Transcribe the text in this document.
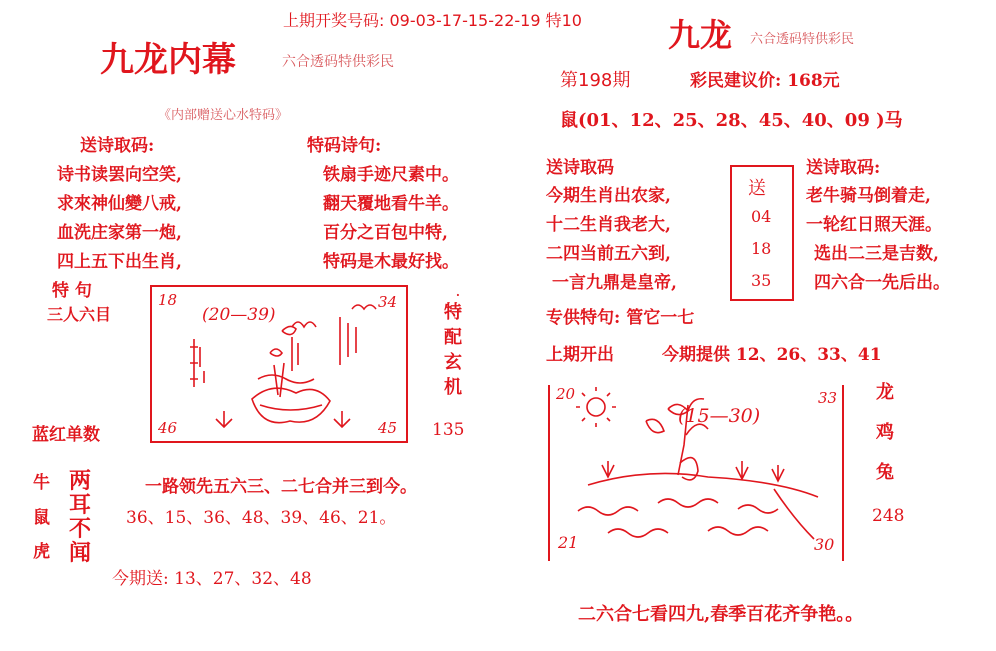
上期开奖号码: 09-03-17-15-22-19 特10
九龙内幕	六合透码特供彩民
《内部赠送心水特码》
送诗取码:	特码诗句:
诗书读罢向空笑,
求來神仙變八戒,
血洗庄家第一炮,
四上五下出生肖,
铁扇手迹尺素中。
翻天覆地看牛羊。
百分之百包中特,
特码是木最好找。
特 句
三人六目
18
(20—39)
34
46	45
.
特
配
玄
机
蓝红单数	135
牛
鼠
虎
两
耳
不
闻
一路领先五六三、二七合并三到今。
36、15、36、48、39、46、21。
今期送: 13、27、32、48
九龙 六合透码特供彩民
第198期	彩民建议价: 168元
鼠(01、12、25、28、45、40、09 )马
送诗取码	送诗取码:
今期生肖出农家,
十二生肖我老大,
二四当前五六到,
一言九鼎是皇帝,
送
04
18
35
老牛骑马倒着走,
一轮红日照天涯。
选出二三是吉数,
四六合一先后出。
专供特句: 管它一七
上期开出	今期提供 12、26、33、41
20
(15—30)
33
21	30
龙
鸡
兔
248
二六合七看四九,春季百花齐争艳。。
